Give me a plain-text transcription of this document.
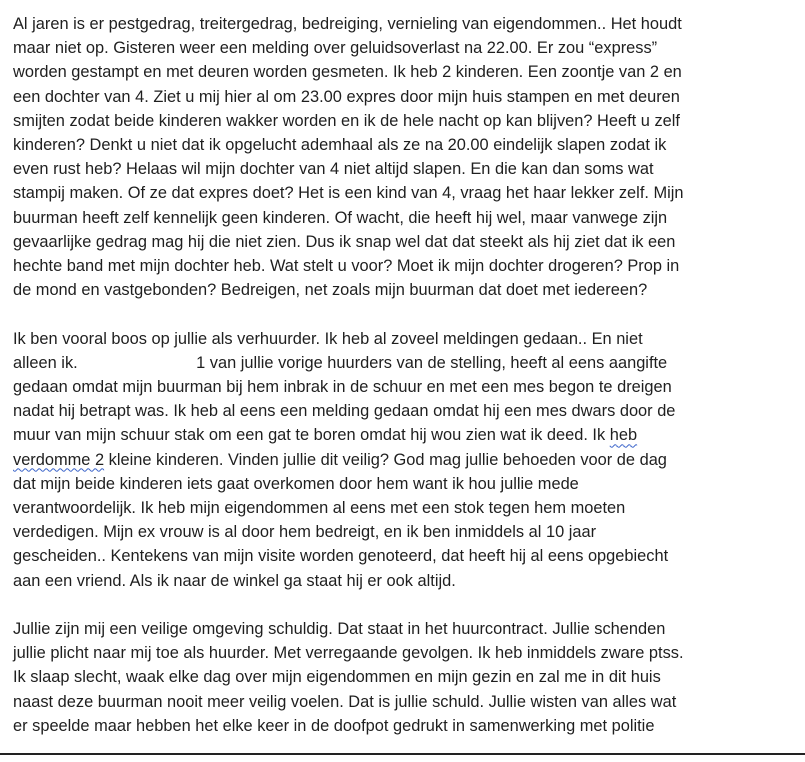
Al jaren is er pestgedrag, treitergedrag, bedreiging, vernieling van eigendommen.. Het houdt
maar niet op. Gisteren weer een melding over geluidsoverlast na 22.00. Er zou “express”
worden gestampt en met deuren worden gesmeten. Ik heb 2 kinderen. Een zoontje van 2 en
een dochter van 4. Ziet u mij hier al om 23.00 expres door mijn huis stampen en met deuren
smijten zodat beide kinderen wakker worden en ik de hele nacht op kan blijven? Heeft u zelf
kinderen? Denkt u niet dat ik opgelucht ademhaal als ze na 20.00 eindelijk slapen zodat ik
even rust heb? Helaas wil mijn dochter van 4 niet altijd slapen. En die kan dan soms wat
stampij maken. Of ze dat expres doet? Het is een kind van 4, vraag het haar lekker zelf. Mijn
buurman heeft zelf kennelijk geen kinderen. Of wacht, die heeft hij wel, maar vanwege zijn
gevaarlijke gedrag mag hij die niet zien. Dus ik snap wel dat dat steekt als hij ziet dat ik een
hechte band met mijn dochter heb. Wat stelt u voor? Moet ik mijn dochter drogeren? Prop in
de mond en vastgebonden? Bedreigen, net zoals mijn buurman dat doet met iedereen?

Ik ben vooral boos op jullie als verhuurder. Ik heb al zoveel meldingen gedaan.. En niet
alleen ik.                          1 van jullie vorige huurders van de stelling, heeft al eens aangifte
gedaan omdat mijn buurman bij hem inbrak in de schuur en met een mes begon te dreigen
nadat hij betrapt was. Ik heb al eens een melding gedaan omdat hij een mes dwars door de
muur van mijn schuur stak om een gat te boren omdat hij wou zien wat ik deed. Ik heb
verdomme 2 kleine kinderen. Vinden jullie dit veilig? God mag jullie behoeden voor de dag
dat mijn beide kinderen iets gaat overkomen door hem want ik hou jullie mede
verantwoordelijk. Ik heb mijn eigendommen al eens met een stok tegen hem moeten
verdedigen. Mijn ex vrouw is al door hem bedreigt, en ik ben inmiddels al 10 jaar
gescheiden.. Kentekens van mijn visite worden genoteerd, dat heeft hij al eens opgebiecht
aan een vriend. Als ik naar de winkel ga staat hij er ook altijd.

Jullie zijn mij een veilige omgeving schuldig. Dat staat in het huurcontract. Jullie schenden
jullie plicht naar mij toe als huurder. Met verregaande gevolgen. Ik heb inmiddels zware ptss.
Ik slaap slecht, waak elke dag over mijn eigendommen en mijn gezin en zal me in dit huis
naast deze buurman nooit meer veilig voelen. Dat is jullie schuld. Jullie wisten van alles wat
er speelde maar hebben het elke keer in de doofpot gedrukt in samenwerking met politie
